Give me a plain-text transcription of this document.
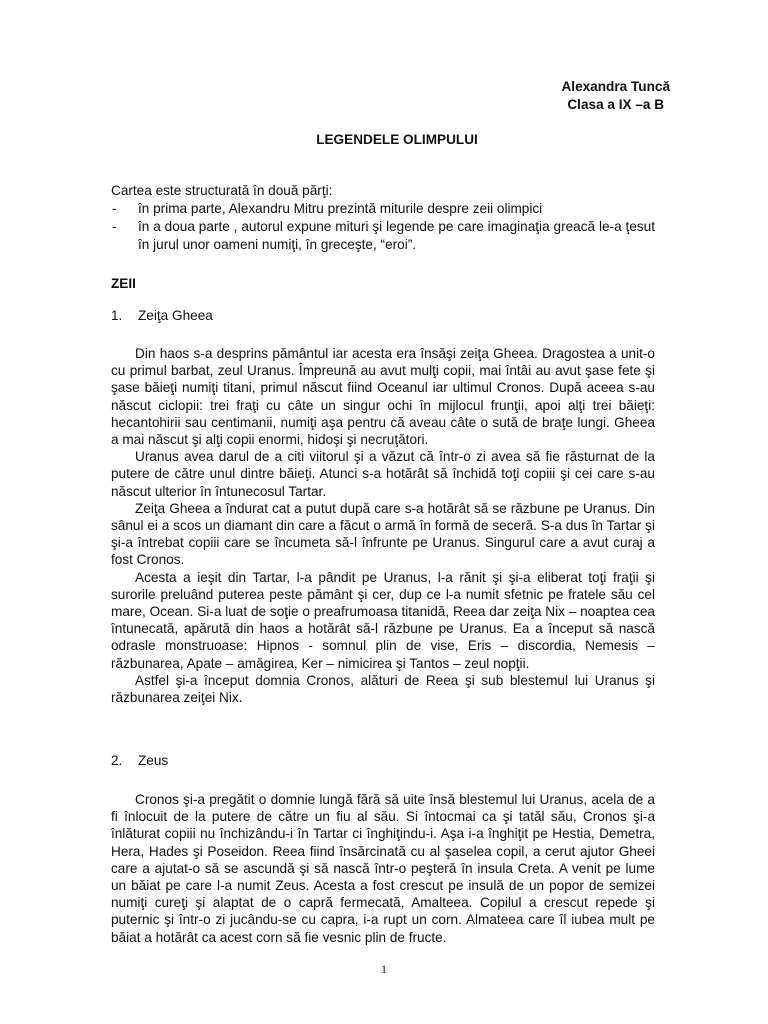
Alexandra Tuncă
Clasa a IX –a B
LEGENDELE OLIMPULUI
Cartea este structurată în două părţi:
- în prima parte, Alexandru Mitru prezintă miturile despre zeii olimpici
- în a doua parte , autorul expune mituri şi legende pe care imaginaţia greacă le-a ţesut în jurul unor oameni numiţi, în greceşte, “eroi”.
ZEII
1. Zeiţa Gheea

Din haos s-a desprins pământul iar acesta era însăşi zeiţa Gheea. Dragostea a unit-o cu primul barbat, zeul Uranus. Împreună au avut mulţi copii, mai întâi au avut şase fete şi şase băieţi numiţi titani, primul născut fiind Oceanul iar ultimul Cronos. După aceea s-au născut ciclopii: trei fraţi cu câte un singur ochi în mijlocul frunţii, apoi alţi trei băieţi: hecantohirii sau centimanii, numiţi aşa pentru că aveau câte o sută de braţe lungi. Gheea a mai născut şi alţi copii enormi, hidoşi şi necruţători.

Uranus avea darul de a citi viitorul şi a văzut că într-o zi avea să fie răsturnat de la putere de către unul dintre băieţi. Atunci s-a hotărât să închidă toţi copiii şi cei care s-au născut ulterior în întunecosul Tartar.

Zeiţa Gheea a îndurat cat a putut după care s-a hotărât să se răzbune pe Uranus. Din sânul ei a scos un diamant din care a făcut o armă în formă de seceră. S-a dus în Tartar şi şi-a întrebat copiii care se încumeta să-l înfrunte pe Uranus. Singurul care a avut curaj a fost Cronos.

Acesta a ieşit din Tartar, l-a pândit pe Uranus, l-a rănit şi şi-a eliberat toţi fraţii şi surorile preluând puterea peste pământ şi cer, dup ce l-a numit sfetnic pe fratele său cel mare, Ocean. Si-a luat de soţie o preafrumoasa titanidă, Reea dar zeiţa Nix – noaptea cea întunecată, apărută din haos a hotărât să-l răzbune pe Uranus. Ea a început să nască odrasle monstruoase: Hipnos - somnul plin de vise, Eris – discordia, Nemesis – răzbunarea, Apate – amăgirea, Ker – nimicirea şi Tantos – zeul nopţii.

Astfel şi-a început domnia Cronos, alături de Reea şi sub blestemul lui Uranus şi răzbunarea zeiţei Nix.

2. Zeus

Cronos şi-a pregătit o domnie lungă fără să uite însă blestemul lui Uranus, acela de a fi înlocuit de la putere de către un fiu al său. Si întocmai ca şi tatăl său, Cronos şi-a înlăturat copiii nu închizându-i în Tartar ci înghiţindu-i. Aşa i-a înghiţit pe Hestia, Demetra, Hera, Hades şi Poseidon. Reea fiind însărcinată cu al şaselea copil, a cerut ajutor Gheei care a ajutat-o să se ascundă şi să nască într-o peşteră în insula Creta. A venit pe lume un băiat pe care l-a numit Zeus. Acesta a fost crescut pe insulă de un popor de semizei numiţi cureţi şi alaptat de o capră fermecată, Amalteea. Copilul a crescut repede şi puternic şi într-o zi jucându-se cu capra, i-a rupt un corn. Almateea care îl iubea mult pe băiat a hotărât ca acest corn să fie vesnic plin de fructe.

1
